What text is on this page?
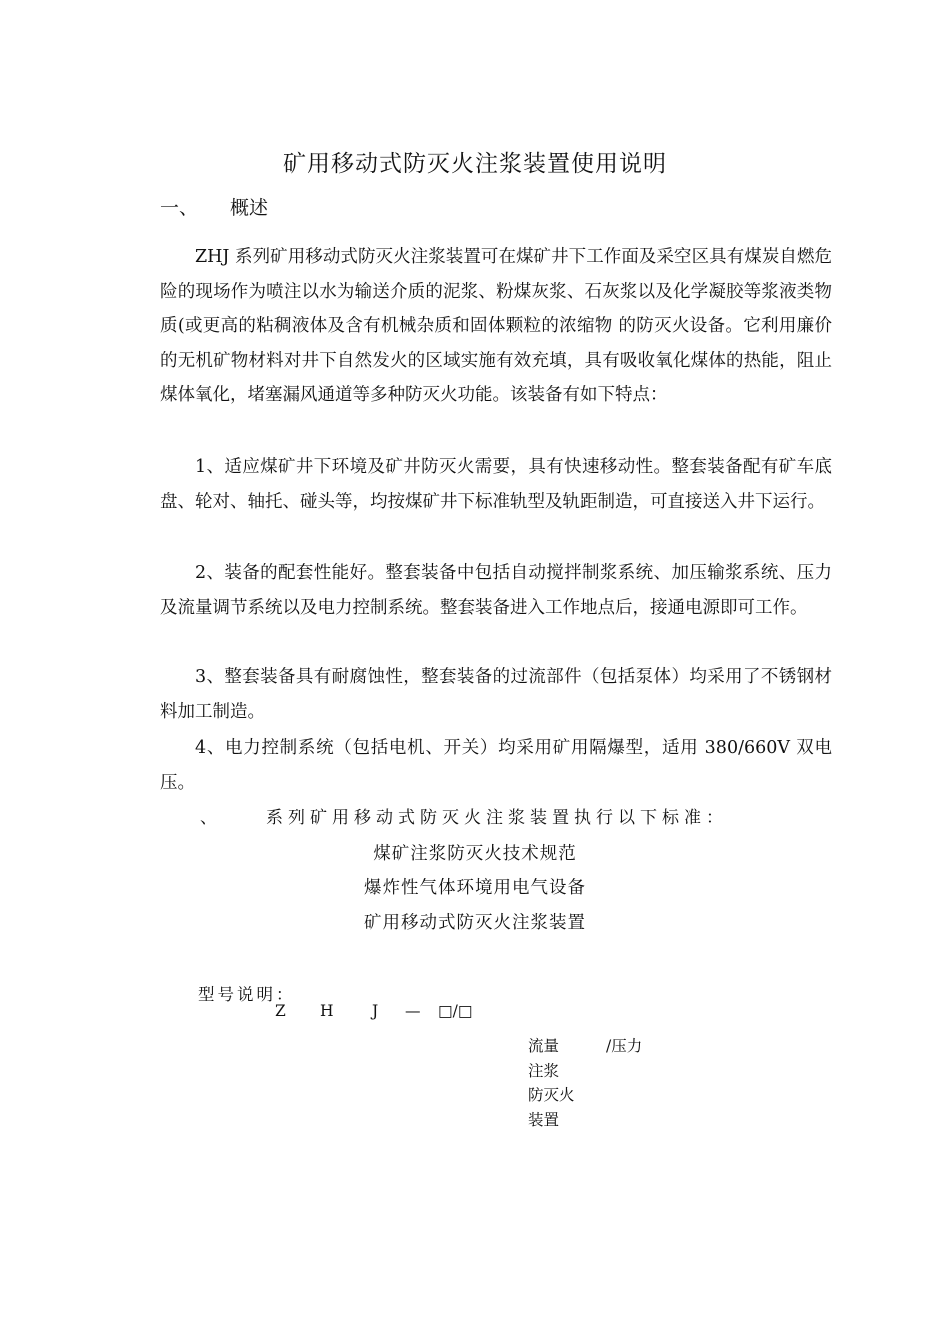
矿用移动式防灭火注浆装置使用说明
一、 概述

ZHJ 系列矿用移动式防灭火注浆装置可在煤矿井下工作面及采空区具有煤炭自燃危险的现场作为喷注以水为输送介质的泥浆、粉煤灰浆、石灰浆以及化学凝胶等浆液类物质(或更高的粘稠液体及含有机械杂质和固体颗粒的浓缩物 的防灭火设备。它利用廉价的无机矿物材料对井下自然发火的区域实施有效充填，具有吸收氧化煤体的热能，阻止煤体氧化，堵塞漏风通道等多种防灭火功能。该装备有如下特点：

1、适应煤矿井下环境及矿井防灭火需要，具有快速移动性。整套装备配有矿车底盘、轮对、轴托、碰头等，均按煤矿井下标准轨型及轨距制造，可直接送入井下运行。

2、装备的配套性能好。整套装备中包括自动搅拌制浆系统、加压输浆系统、压力及流量调节系统以及电力控制系统。整套装备进入工作地点后，接通电源即可工作。

3、整套装备具有耐腐蚀性，整套装备的过流部件（包括泵体）均采用了不锈钢材料加工制造。

4、电力控制系统（包括电机、开关）均采用矿用隔爆型，适用 380/660V 双电压。

、	系列矿用移动式防灭火注浆装置执行以下标准：
煤矿注浆防灭火技术规范
爆炸性气体环境用电气设备
矿用移动式防灭火注浆装置
型号说明：
Z H J — □/□
流量	/压力
注浆
防灭火
装置
